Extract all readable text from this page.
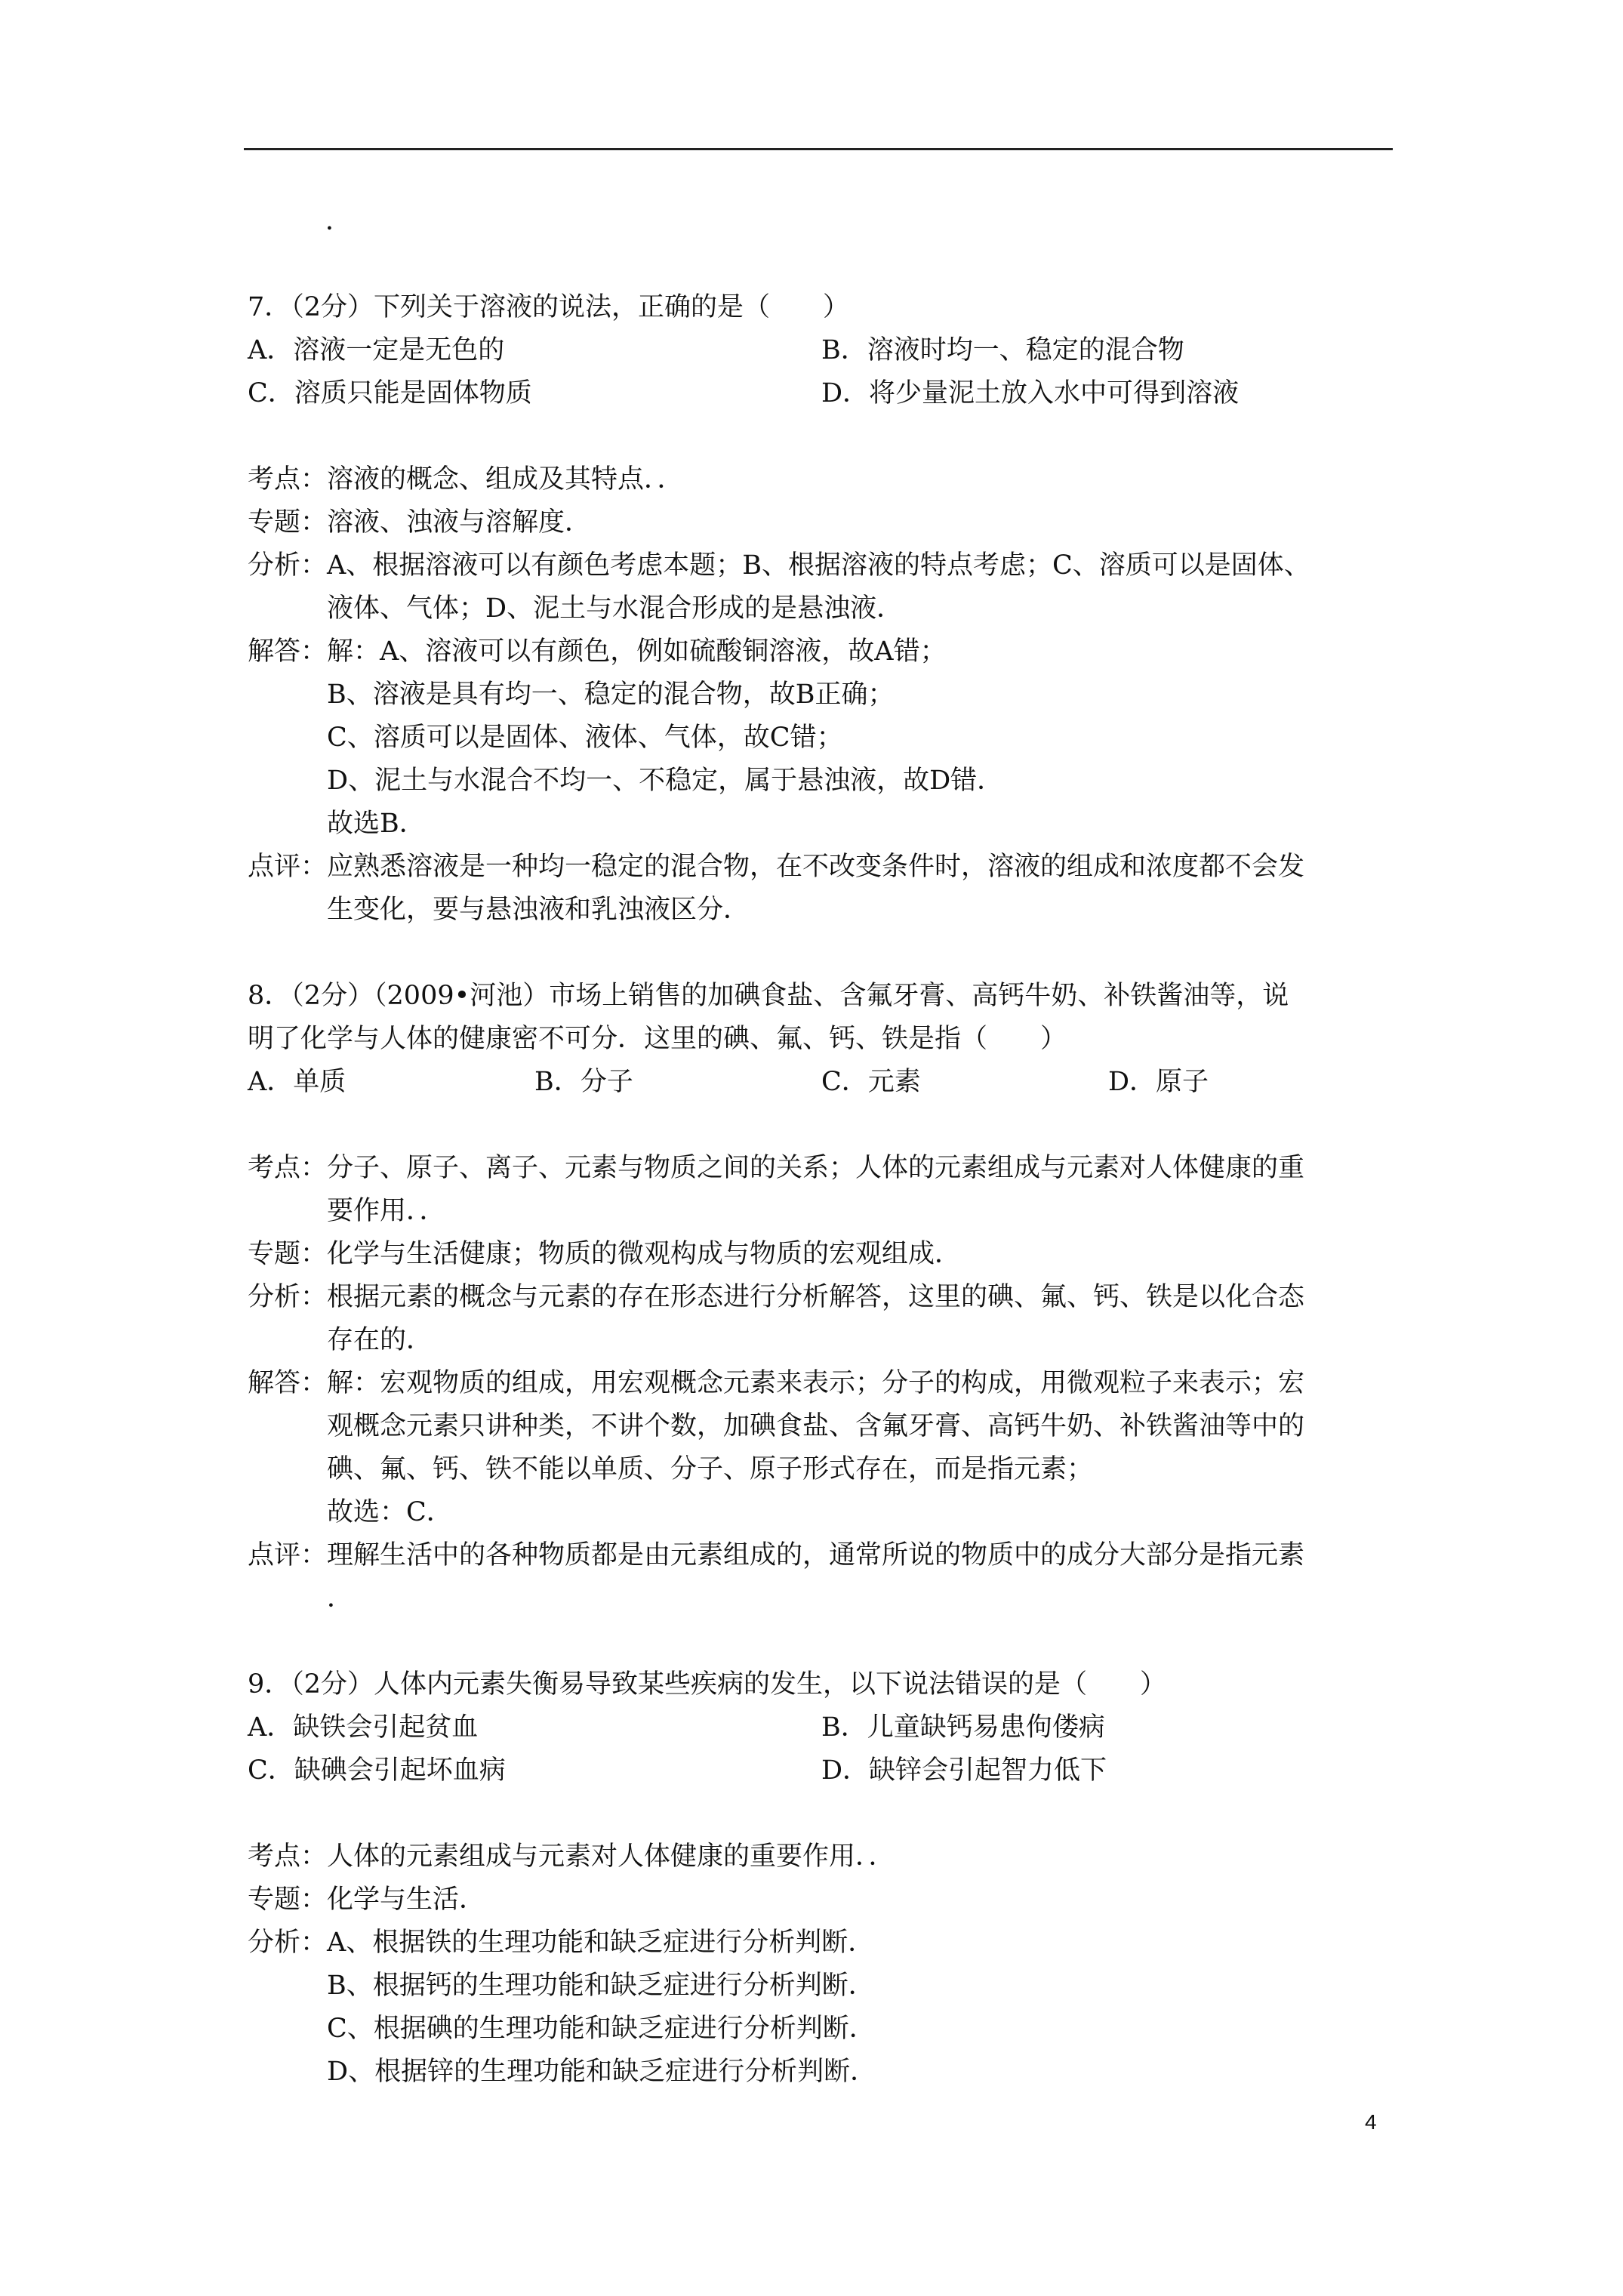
．
7．（2分）下列关于溶液的说法，正确的是（　　）
A．溶液一定是无色的	B．溶液时均一、稳定的混合物
C．溶质只能是固体物质	D．将少量泥土放入水中可得到溶液
考点： 溶液的概念、组成及其特点．．
专题： 溶液、浊液与溶解度．
分析： A、根据溶液可以有颜色考虑本题；B、根据溶液的特点考虑；C、溶质可以是固体、
液体、气体；D、泥土与水混合形成的是悬浊液．
解答： 解：A、溶液可以有颜色，例如硫酸铜溶液，故A错；
B、溶液是具有均一、稳定的混合物，故B正确；
C、溶质可以是固体、液体、气体，故C错；
D、泥土与水混合不均一、不稳定，属于悬浊液，故D错．
故选B．
点评： 应熟悉溶液是一种均一稳定的混合物，在不改变条件时，溶液的组成和浓度都不会发
生变化，要与悬浊液和乳浊液区分．
8．（2分）（2009•河池）市场上销售的加碘食盐、含氟牙膏、高钙牛奶、补铁酱油等，说
明了化学与人体的健康密不可分．这里的碘、氟、钙、铁是指（　　）
A．单质	B．分子	C．元素	D．原子
考点： 分子、原子、离子、元素与物质之间的关系；人体的元素组成与元素对人体健康的重
要作用．．
专题： 化学与生活健康；物质的微观构成与物质的宏观组成．
分析： 根据元素的概念与元素的存在形态进行分析解答，这里的碘、氟、钙、铁是以化合态
存在的．
解答： 解：宏观物质的组成，用宏观概念元素来表示；分子的构成，用微观粒子来表示；宏
观概念元素只讲种类，不讲个数，加碘食盐、含氟牙膏、高钙牛奶、补铁酱油等中的
碘、氟、钙、铁不能以单质、分子、原子形式存在，而是指元素；
故选：C．
点评： 理解生活中的各种物质都是由元素组成的，通常所说的物质中的成分大部分是指元素
．
9．（2分）人体内元素失衡易导致某些疾病的发生，以下说法错误的是（　　）
A．缺铁会引起贫血	B．儿童缺钙易患佝偻病
C．缺碘会引起坏血病	D．缺锌会引起智力低下
考点： 人体的元素组成与元素对人体健康的重要作用．．
专题： 化学与生活．
分析： A、根据铁的生理功能和缺乏症进行分析判断．
B、根据钙的生理功能和缺乏症进行分析判断．
C、根据碘的生理功能和缺乏症进行分析判断．
D、根据锌的生理功能和缺乏症进行分析判断．
4
